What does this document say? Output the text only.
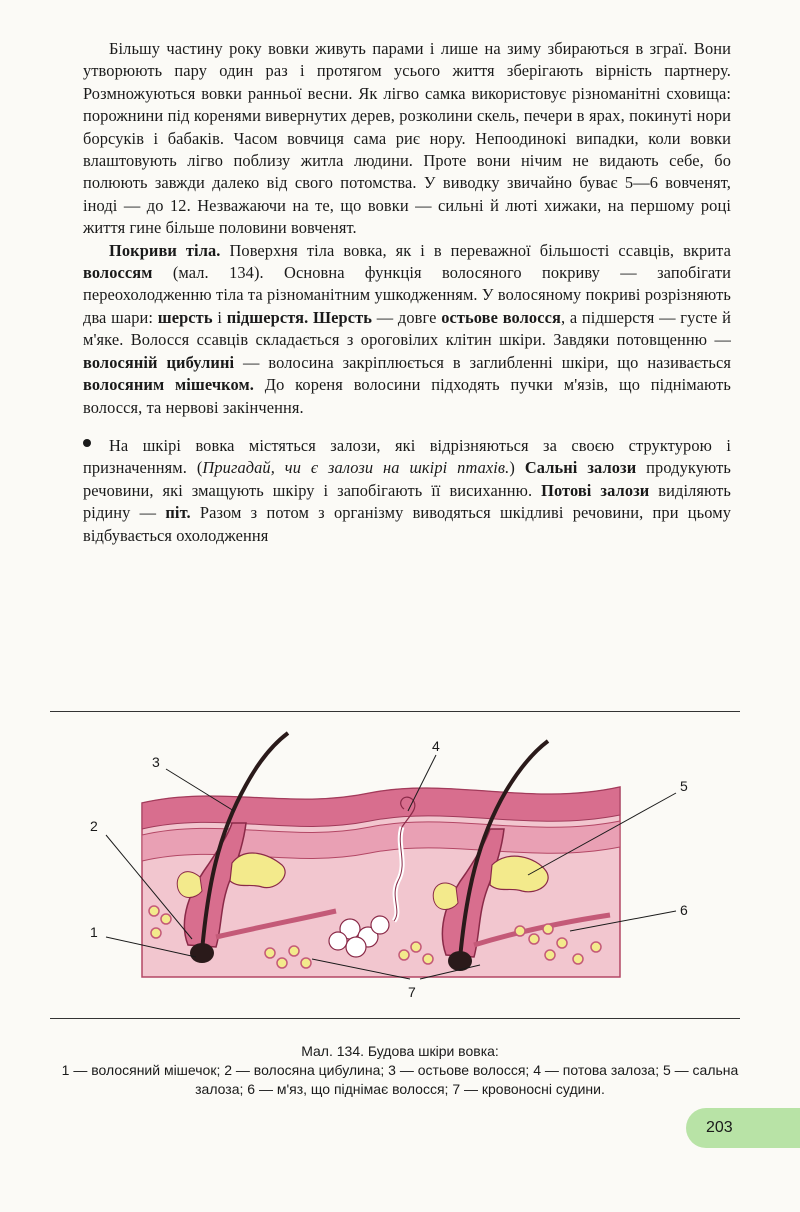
Більшу частину року вовки живуть парами і лише на зиму збираються в зграї. Вони утворюють пару один раз і протягом усього життя зберігають вірність партнеру. Розмножуються вовки ранньої весни. Як лігво самка використовує різноманітні сховища: порожнини під коренями вивернутих дерев, розколини скель, печери в ярах, покинуті нори борсуків і бабаків. Часом вовчиця сама риє нору. Непоодинокі випадки, коли вовки влаштовують лігво поблизу житла людини. Проте вони нічим не видають себе, бо полюють завжди далеко від свого потомства. У виводку звичайно буває 5—6 вовченят, іноді — до 12. Незважаючи на те, що вовки — сильні й люті хижаки, на першому році життя гине більше половини вовченят.

Покриви тіла. Поверхня тіла вовка, як і в переважної більшості ссавців, вкрита волоссям (мал. 134). Основна функція волосяного покриву — запобігати переохолодженню тіла та різноманітним ушкодженням. У волосяному покриві розрізняють два шари: шерсть і підшерстя. Шерсть — довге остьове волосся, а підшерстя — густе й м'яке. Волосся ссавців складається з ороговілих клітин шкіри. Завдяки потовщенню — волосяній цибулині — волосина закріплюється в заглибленні шкіри, що називається волосяним мішечком. До кореня волосини підходять пучки м'язів, що піднімають волосся, та нервові закінчення.

На шкірі вовка містяться залози, які відрізняються за своєю структурою і призначенням. (Пригадай, чи є залози на шкірі птахів.) Сальні залози продукують речовини, які змащують шкіру і запобігають її висиханню. Потові залози виділяють рідину — піт. Разом з потом з організму виводяться шкідливі речовини, при цьому відбувається охолодження

1
2
3
4
5
6
7
Мал. 134. Будова шкіри вовка:
1 — волосяний мішечок; 2 — волосяна цибулина; 3 — остьове волосся; 4 — потова залоза; 5 — сальна залоза; 6 — м'яз, що піднімає волосся; 7 — кровоносні судини.
203
